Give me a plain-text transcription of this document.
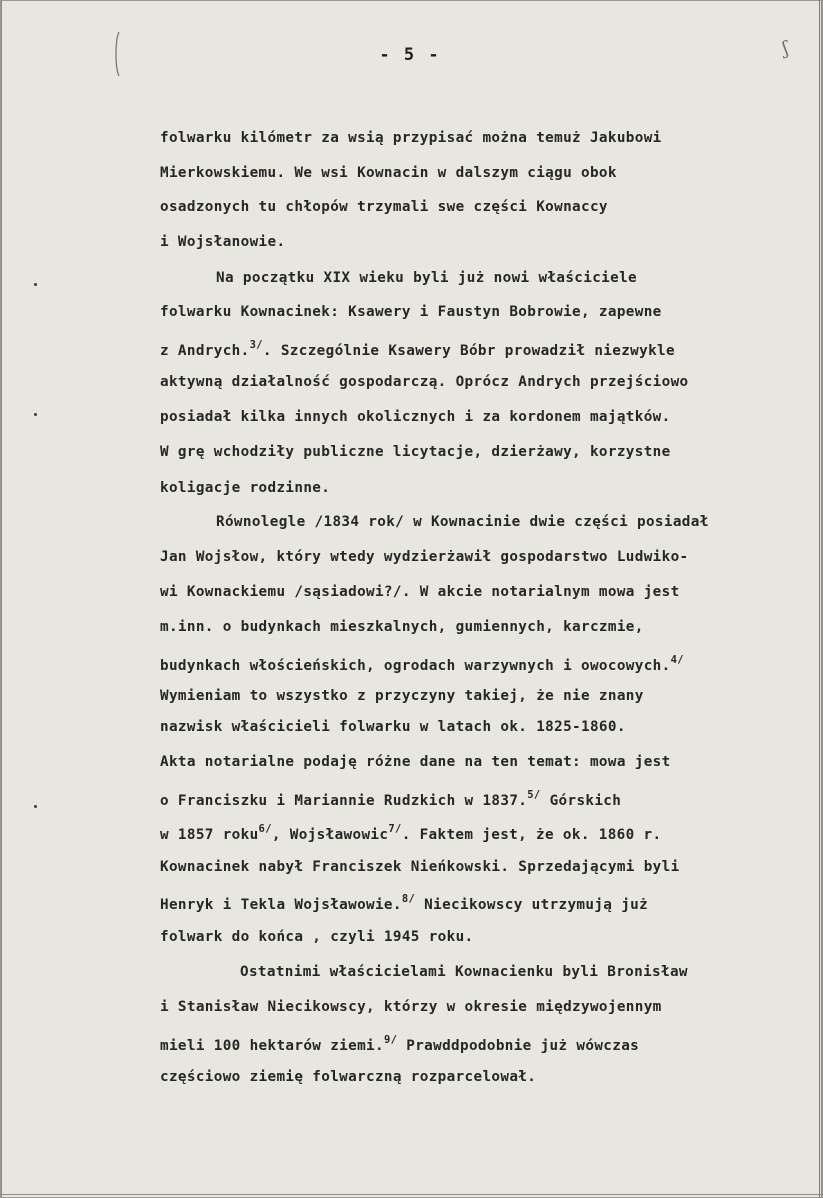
- 5 -	ʃ
folwarku kilómetr za wsią przypisać można temuż Jakubowi
Mierkowskiemu. We wsi Kownacin w dalszym ciągu obok
osadzonych tu chłopów trzymali swe części Kownaccy
i Wojsłanowie.
Na początku XIX wieku byli już nowi właściciele
folwarku Kownacinek: Ksawery i Faustyn Bobrowie, zapewne
z Andrych.$^{3/}$. Szczególnie Ksawery Bóbr prowadził niezwykle
aktywną działalność gospodarczą. Oprócz Andrych przejściowo
posiadał kilka innych okolicznych i za kordonem majątków.
W grę wchodziły publiczne licytacje, dzierżawy, korzystne
koligacje rodzinne.
Równolegle /1834 rok/ w Kownacinie dwie części posiadał
Jan Wojsłow, który wtedy wydzierżawił gospodarstwo Ludwiko-
wi Kownackiemu /sąsiadowi?/. W akcie notarialnym mowa jest
m.inn. o budynkach mieszkalnych, gumiennych, karczmie,
budynkach włościeńskich, ogrodach warzywnych i owocowych.$^{4/}$
Wymieniam to wszystko z przyczyny takiej, że nie znany
nazwisk właścicieli folwarku w latach ok. 1825-1860.
Akta notarialne podaję różne dane na ten temat: mowa jest
o Franciszku i Mariannie Rudzkich w 1837.$^{5/}$ Górskich
w 1857 roku$^{6/}$, Wojsławowic$^{7/}$. Faktem jest, że ok. 1860 r.
Kownacinek nabył Franciszek Nieńkowski. Sprzedającymi byli
Henryk i Tekla Wojsławowie.$^{8/}$ Niecikowscy utrzymują już
folwark do końca , czyli 1945 roku.
Ostatnimi właścicielami Kownacienku byli Bronisław
i Stanisław Niecikowscy, którzy w okresie międzywojennym
mieli 100 hektarów ziemi.$^{9/}$ Prawddpodobnie już wówczas
częściowo ziemię folwarczną rozparcelował.
